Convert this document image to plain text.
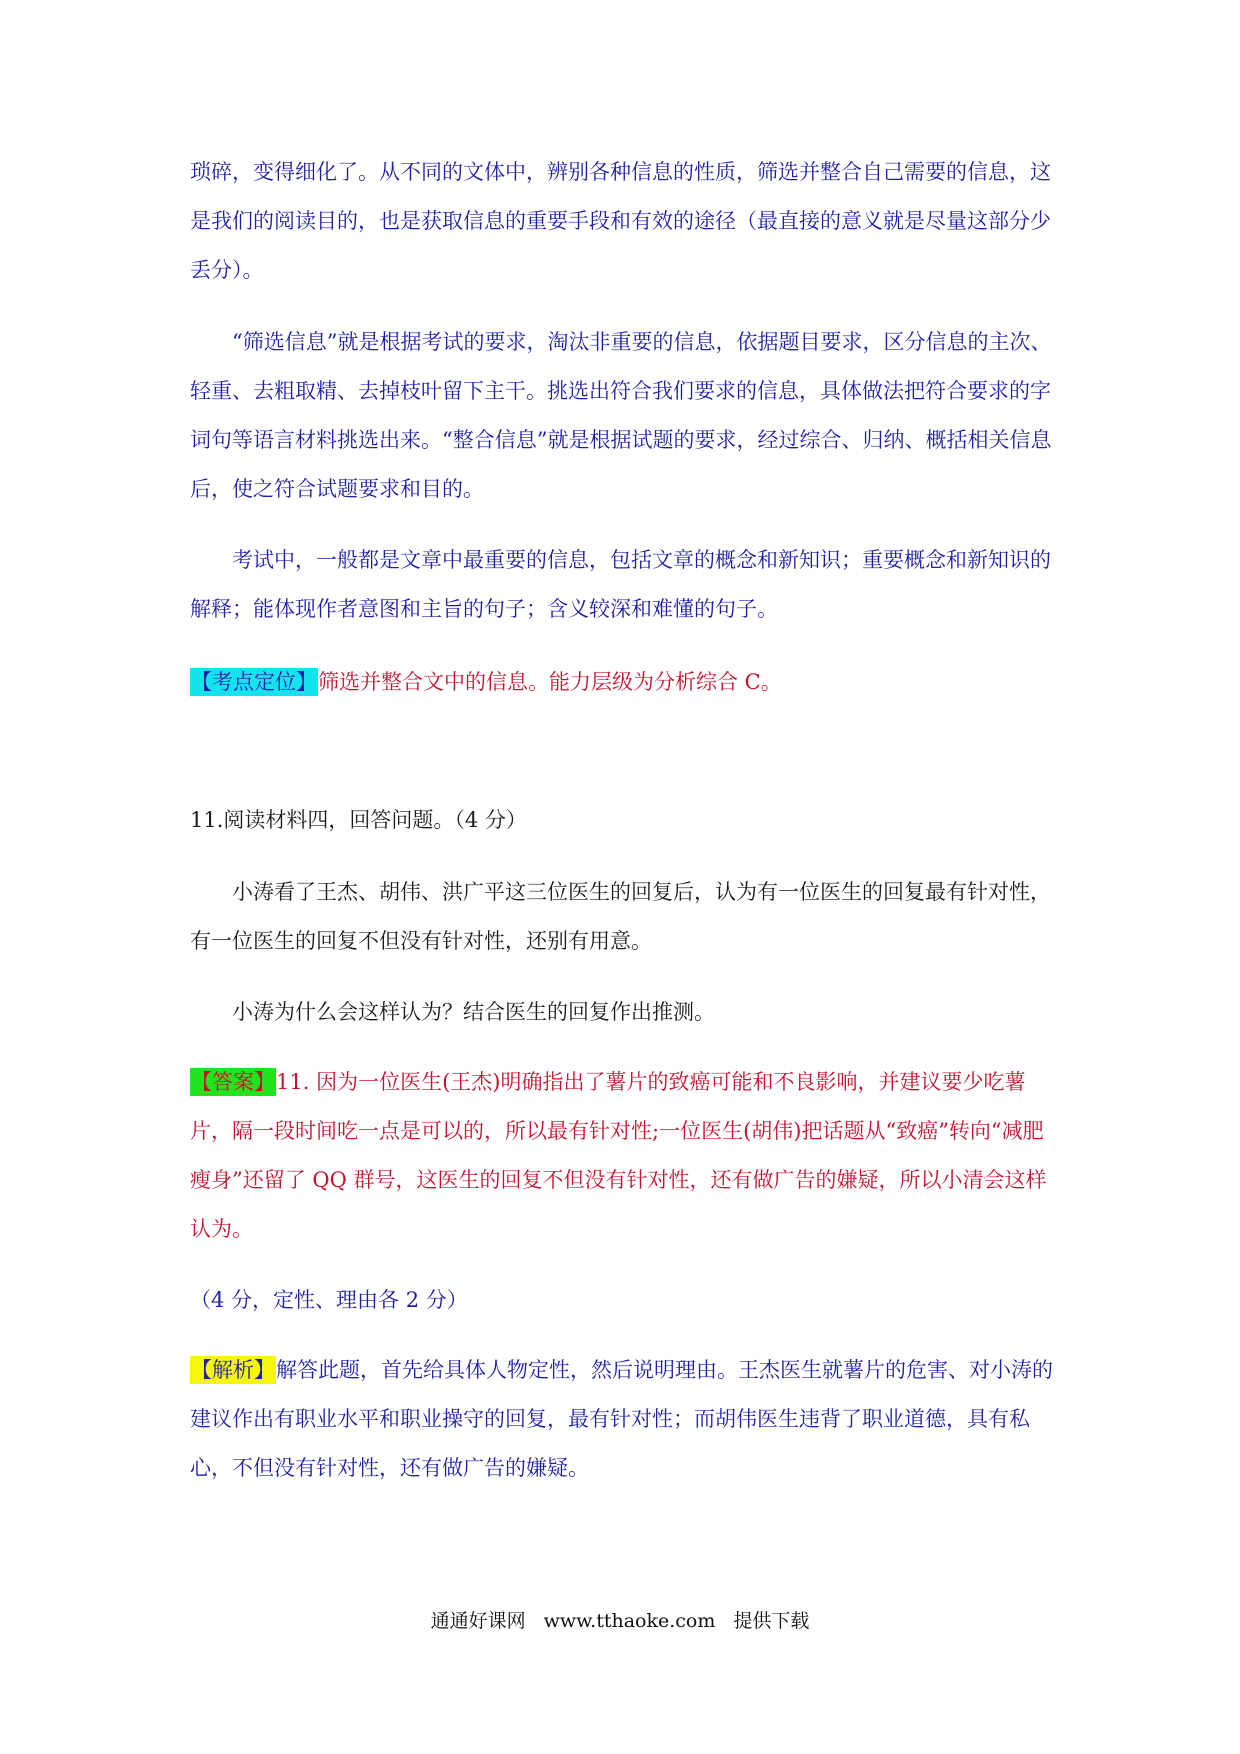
琐碎，变得细化了。从不同的文体中，辨别各种信息的性质，筛选并整合自己需要的信息，这是我们的阅读目的，也是获取信息的重要手段和有效的途径（最直接的意义就是尽量这部分少丢分）。

“筛选信息”就是根据考试的要求，淘汰非重要的信息，依据题目要求，区分信息的主次、轻重、去粗取精、去掉枝叶留下主干。挑选出符合我们要求的信息，具体做法把符合要求的字词句等语言材料挑选出来。“整合信息”就是根据试题的要求，经过综合、归纳、概括相关信息后，使之符合试题要求和目的。

考试中，一般都是文章中最重要的信息，包括文章的概念和新知识；重要概念和新知识的解释；能体现作者意图和主旨的句子；含义较深和难懂的句子。

【考点定位】筛选并整合文中的信息。能力层级为分析综合 C。

11.阅读材料四，回答问题。（4 分）

小涛看了王杰、胡伟、洪广平这三位医生的回复后，认为有一位医生的回复最有针对性，有一位医生的回复不但没有针对性，还别有用意。

小涛为什么会这样认为？结合医生的回复作出推测。

【答案】11. 因为一位医生(王杰)明确指出了薯片的致癌可能和不良影响，并建议要少吃薯片，隔一段时间吃一点是可以的，所以最有针对性;一位医生(胡伟)把话题从“致癌”转向“减肥瘦身”还留了 QQ 群号，这医生的回复不但没有针对性，还有做广告的嫌疑，所以小清会这样认为。

（4 分，定性、理由各 2 分）

【解析】解答此题，首先给具体人物定性，然后说明理由。王杰医生就薯片的危害、对小涛的建议作出有职业水平和职业操守的回复，最有针对性；而胡伟医生违背了职业道德，具有私心，不但没有针对性，还有做广告的嫌疑。

通通好课网 www.tthaoke.com 提供下载
